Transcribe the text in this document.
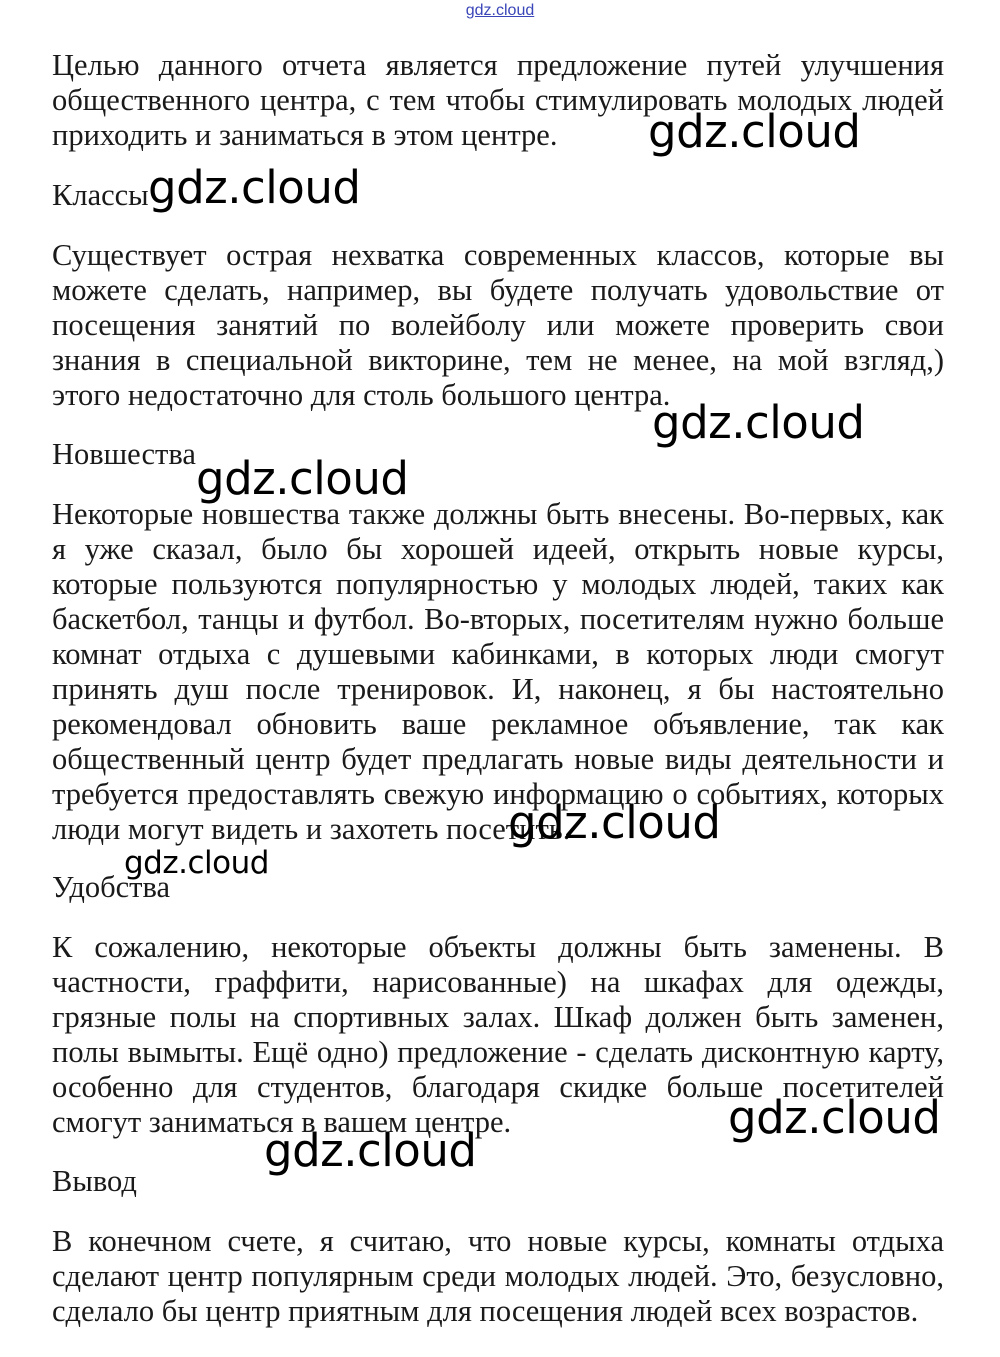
gdz.cloud

Целью данного отчета является предложение путей улучшения общественного центра, с тем чтобы стимулировать молодых людей приходить и заниматься в этом центре.

Классы

Существует острая нехватка современных классов, которые вы можете сделать, например, вы будете получать удовольствие от посещения занятий по волейболу или можете проверить свои знания в специальной викторине, тем не менее, на мой взгляд,) этого недостаточно для столь большого центра.

Новшества

Некоторые новшества также должны быть внесены. Во-первых, как я уже сказал, было бы хорошей идеей, открыть новые курсы, которые пользуются популярностью у молодых людей, таких как баскетбол, танцы и футбол. Во-вторых, посетителям нужно больше комнат отдыха с душевыми кабинками, в которых люди смогут принять душ после тренировок. И, наконец, я бы настоятельно рекомендовал обновить ваше рекламное объявление, так как общественный центр будет предлагать новые виды деятельности и требуется предоставлять свежую информацию о событиях, которых люди могут видеть и захотеть посетить.

Удобства

К сожалению, некоторые объекты должны быть заменены. В частности, граффити, нарисованные) на шкафах для одежды, грязные полы на спортивных залах. Шкаф должен быть заменен, полы вымыты. Ещё одно) предложение - сделать дисконтную карту, особенно для студентов, благодаря скидке больше посетителей смогут заниматься в вашем центре.

Вывод

В конечном счете, я считаю, что новые курсы, комнаты отдыха сделают центр популярным среди молодых людей. Это, безусловно, сделало бы центр приятным для посещения людей всех возрастов.

gdz.cloud
gdz.cloud
gdz.cloud
gdz.cloud
gdz.cloud
gdz.cloud
gdz.cloud
gdz.cloud
